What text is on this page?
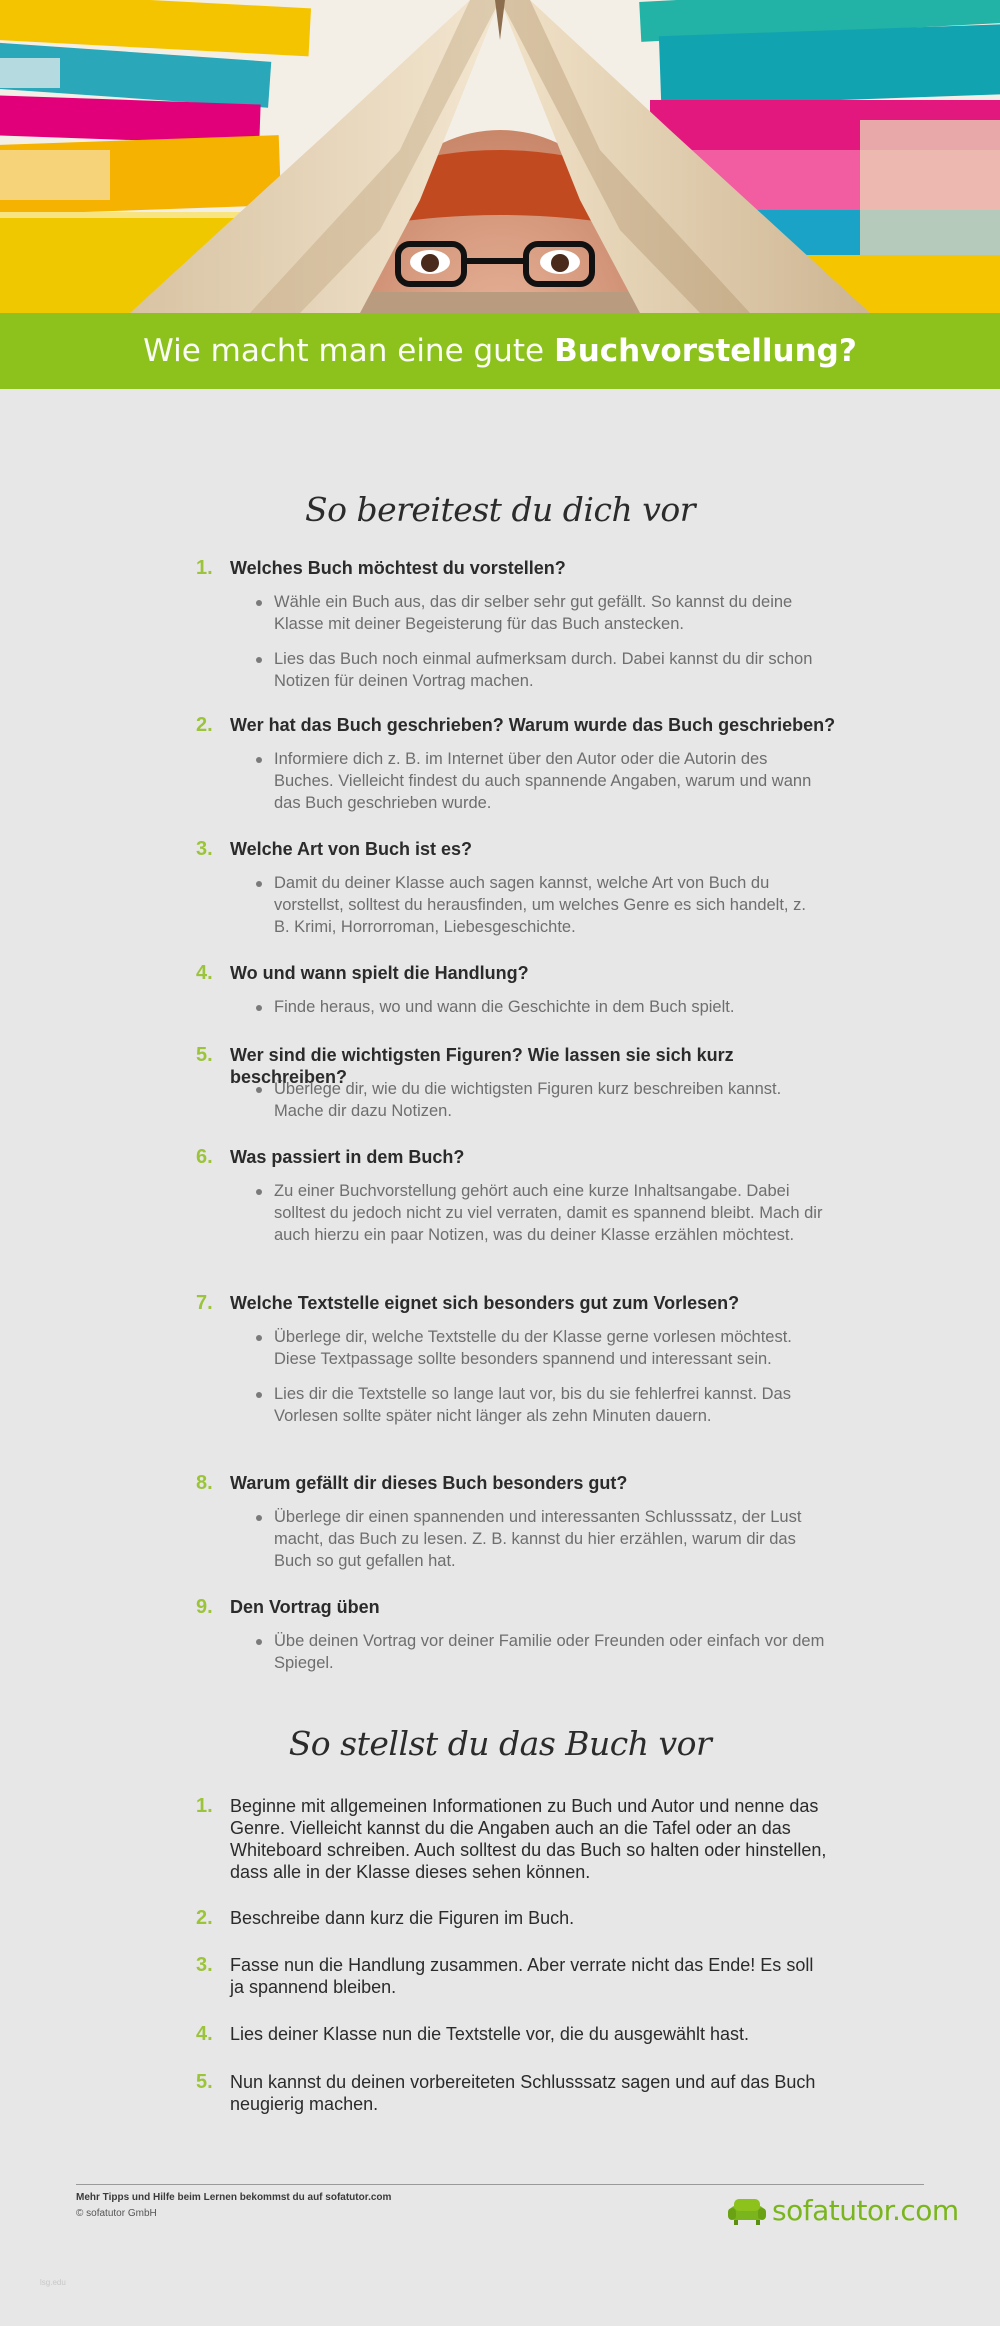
Wie macht man eine gute Buchvorstellung?
So bereitest du dich vor
1. Welches Buch möchtest du vorstellen?
Wähle ein Buch aus, das dir selber sehr gut gefällt. So kannst du deine Klasse mit deiner Begeisterung für das Buch anstecken.
Lies das Buch noch einmal aufmerksam durch. Dabei kannst du dir schon Notizen für deinen Vortrag machen.
2. Wer hat das Buch geschrieben? Warum wurde das Buch geschrieben?
Informiere dich z. B. im Internet über den Autor oder die Autorin des Buches. Vielleicht findest du auch spannende Angaben, warum und wann das Buch geschrieben wurde.
3. Welche Art von Buch ist es?
Damit du deiner Klasse auch sagen kannst, welche Art von Buch du vorstellst, solltest du herausfinden, um welches Genre es sich handelt, z. B. Krimi, Horrorroman, Liebesgeschichte.
4. Wo und wann spielt die Handlung?
Finde heraus, wo und wann die Geschichte in dem Buch spielt.
5. Wer sind die wichtigsten Figuren? Wie lassen sie sich kurz beschreiben?
Überlege dir, wie du die wichtigsten Figuren kurz beschreiben kannst. Mache dir dazu Notizen.
6. Was passiert in dem Buch?
Zu einer Buchvorstellung gehört auch eine kurze Inhaltsangabe. Dabei solltest du jedoch nicht zu viel verraten, damit es spannend bleibt. Mach dir auch hierzu ein paar Notizen, was du deiner Klasse erzählen möchtest.
7. Welche Textstelle eignet sich besonders gut zum Vorlesen?
Überlege dir, welche Textstelle du der Klasse gerne vorlesen möchtest. Diese Textpassage sollte besonders spannend und interessant sein.
Lies dir die Textstelle so lange laut vor, bis du sie fehlerfrei kannst. Das Vorlesen sollte später nicht länger als zehn Minuten dauern.
8. Warum gefällt dir dieses Buch besonders gut?
Überlege dir einen spannenden und interessanten Schlusssatz, der Lust macht, das Buch zu lesen. Z. B. kannst du hier erzählen, warum dir das Buch so gut gefallen hat.
9. Den Vortrag üben
Übe deinen Vortrag vor deiner Familie oder Freunden oder einfach vor dem Spiegel.
So stellst du das Buch vor
1. Beginne mit allgemeinen Informationen zu Buch und Autor und nenne das Genre. Vielleicht kannst du die Angaben auch an die Tafel oder an das Whiteboard schreiben. Auch solltest du das Buch so halten oder hinstellen, dass alle in der Klasse dieses sehen können.
2. Beschreibe dann kurz die Figuren im Buch.
3. Fasse nun die Handlung zusammen. Aber verrate nicht das Ende! Es soll ja spannend bleiben.
4. Lies deiner Klasse nun die Textstelle vor, die du ausgewählt hast.
5. Nun kannst du deinen vorbereiteten Schlusssatz sagen und auf das Buch neugierig machen.
Mehr Tipps und Hilfe beim Lernen bekommst du auf sofatutor.com
© sofatutor GmbH	sofatutor.com
lsg.edu
